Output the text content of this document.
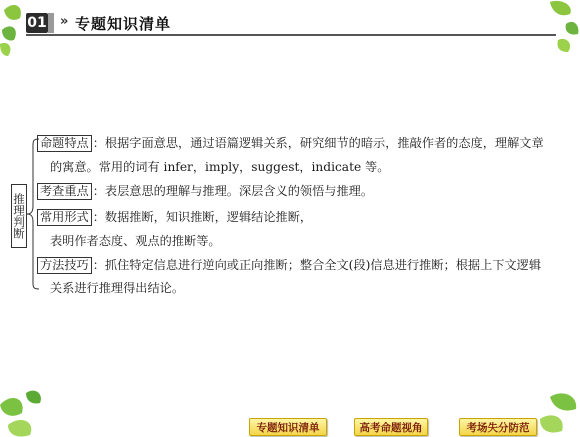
01 » 专题知识清单
推理判断
命题特点 ：根据字面意思，通过语篇逻辑关系，研究细节的暗示，推敲作者的态度，理解文章
的寓意。常用的词有 infer，imply，suggest，indicate 等。
考查重点 ：表层意思的理解与推理。深层含义的领悟与推理。
常用形式 ：数据推断，知识推断，逻辑结论推断，
表明作者态度、观点的推断等。
方法技巧 ：抓住特定信息进行逆向或正向推断；整合全文(段)信息进行推断；根据上下文逻辑
关系进行推理得出结论。
专题知识清单	高考命题视角	考场失分防范
